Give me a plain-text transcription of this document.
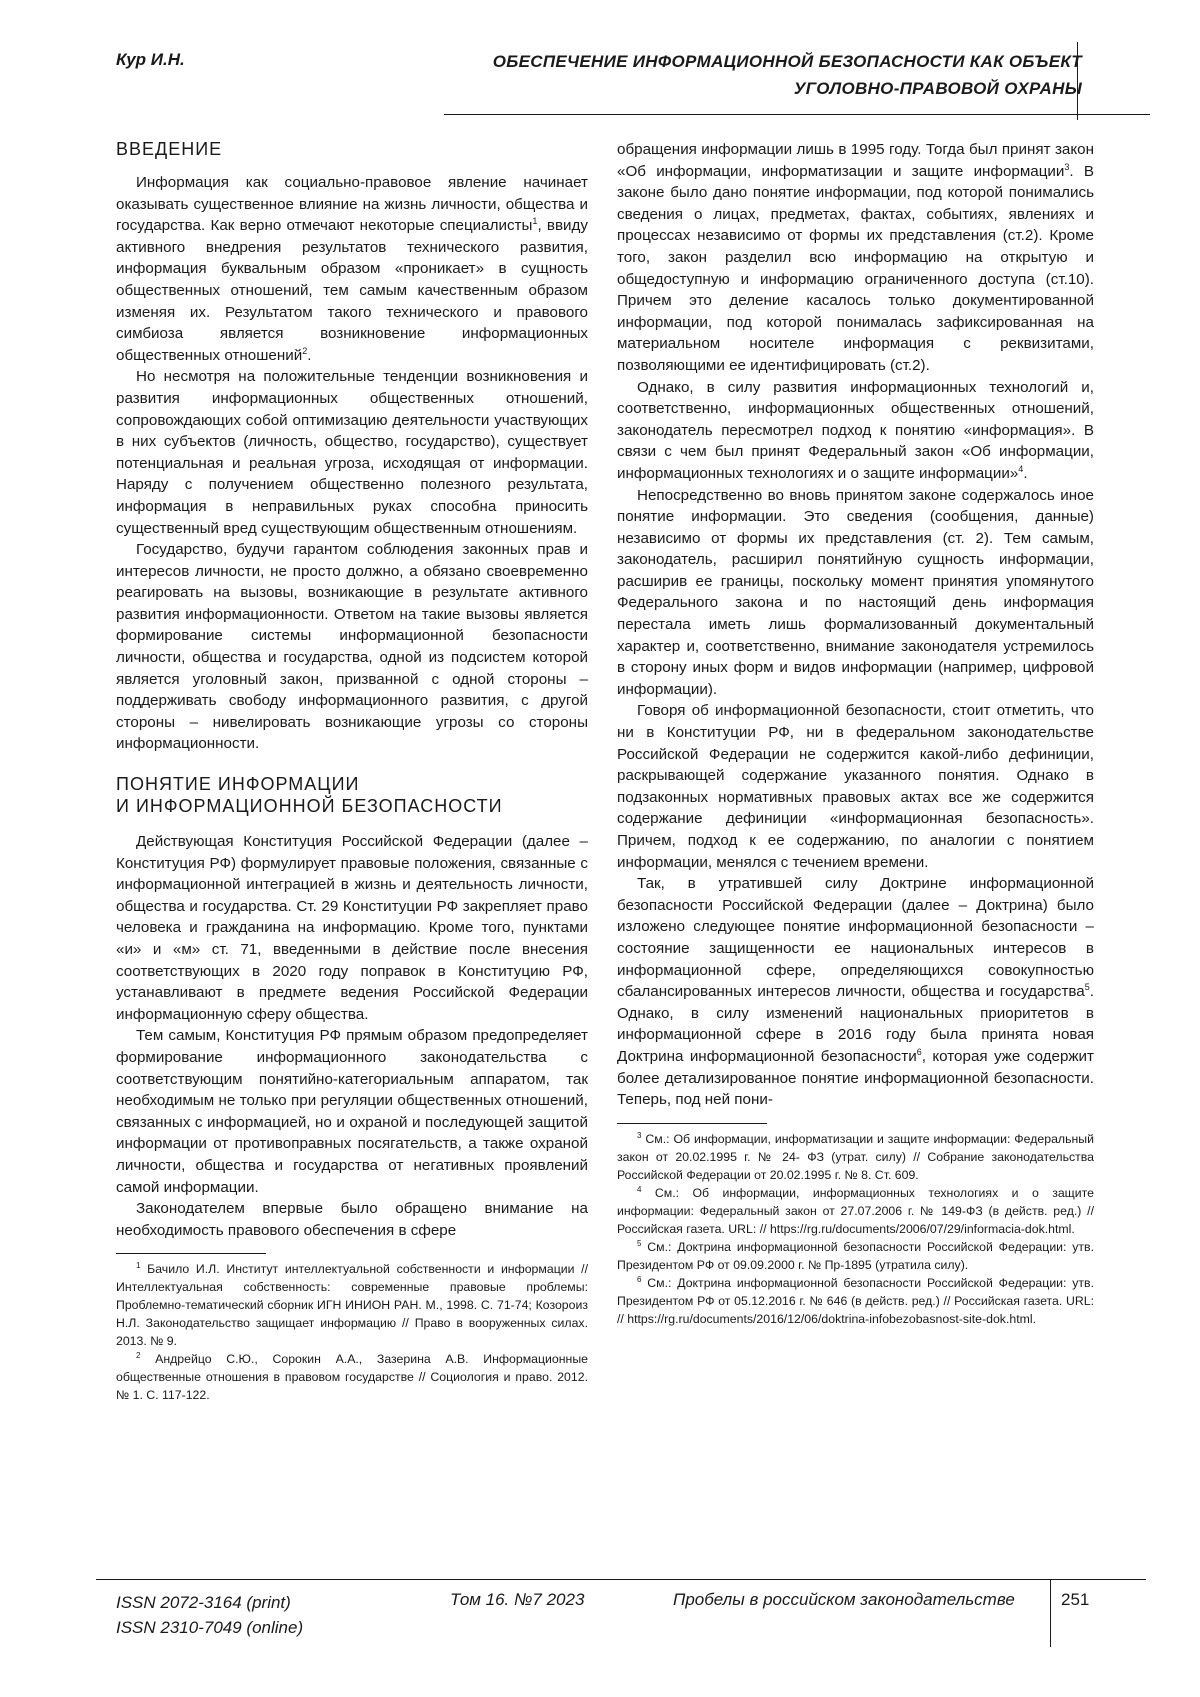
Кур И.Н.	ОБЕСПЕЧЕНИЕ ИНФОРМАЦИОННОЙ БЕЗОПАСНОСТИ КАК ОБЪЕКТ
УГОЛОВНО-ПРАВОВОЙ ОХРАНЫ
ВВЕДЕНИЕ

Информация как социально-правовое явление начинает оказывать существенное влияние на жизнь личности, общества и государства. Как верно отмечают некоторые специалисты1, ввиду активного внедрения результатов технического развития, информация буквальным образом «проникает» в сущность общественных отношений, тем самым качественным образом изменяя их. Результатом такого технического и правового симбиоза является возникновение информационных общественных отношений2.

Но несмотря на положительные тенденции возникновения и развития информационных общественных отношений, сопровождающих собой оптимизацию деятельности участвующих в них субъектов (личность, общество, государство), существует потенциальная и реальная угроза, исходящая от информации. Наряду с получением общественно полезного результата, информация в неправильных руках способна приносить существенный вред существующим общественным отношениям.

Государство, будучи гарантом соблюдения законных прав и интересов личности, не просто должно, а обязано своевременно реагировать на вызовы, возникающие в результате активного развития информационности. Ответом на такие вызовы является формирование системы информационной безопасности личности, общества и государства, одной из подсистем которой является уголовный закон, призванной с одной стороны – поддерживать свободу информационного развития, с другой стороны – нивелировать возникающие угрозы со стороны информационности.

ПОНЯТИЕ ИНФОРМАЦИИ
И ИНФОРМАЦИОННОЙ БЕЗОПАСНОСТИ

Действующая Конституция Российской Федерации (далее – Конституция РФ) формулирует правовые положения, связанные с информационной интеграцией в жизнь и деятельность личности, общества и государства. Ст. 29 Конституции РФ закрепляет право человека и гражданина на информацию. Кроме того, пунктами «и» и «м» ст. 71, введенными в действие после внесения соответствующих в 2020 году поправок в Конституцию РФ, устанавливают в предмете ведения Российской Федерации информационную сферу общества.

Тем самым, Конституция РФ прямым образом предопределяет формирование информационного законодательства с соответствующим понятийно-категориальным аппаратом, так необходимым не только при регуляции общественных отношений, связанных с информацией, но и охраной и последующей защитой информации от противоправных посягательств, а также охраной личности, общества и государства от негативных проявлений самой информации.

Законодателем впервые было обращено внимание на необходимость правового обеспечения в сфере

1 Бачило И.Л. Институт интеллектуальной собственности и информации // Интеллектуальная собственность: современные правовые проблемы: Проблемно-тематический сборник ИГН ИНИОН РАН. М., 1998. С. 71-74; Козороиз Н.Л. Законодательство защищает информацию // Право в вооруженных силах. 2013. № 9.

2 Андрейцо С.Ю., Сорокин А.А., Зазерина А.В. Информационные общественные отношения в правовом государстве // Социология и право. 2012. № 1. С. 117-122.

обращения информации лишь в 1995 году. Тогда был принят закон «Об информации, информатизации и защите информации3. В законе было дано понятие информации, под которой понимались сведения о лицах, предметах, фактах, событиях, явлениях и процессах независимо от формы их представления (ст.2). Кроме того, закон разделил всю информацию на открытую и общедоступную и информацию ограниченного доступа (ст.10). Причем это деление касалось только документированной информации, под которой понималась зафиксированная на материальном носителе информация с реквизитами, позволяющими ее идентифицировать (ст.2).

Однако, в силу развития информационных технологий и, соответственно, информационных общественных отношений, законодатель пересмотрел подход к понятию «информация». В связи с чем был принят Федеральный закон «Об информации, информационных технологиях и о защите информации»4.

Непосредственно во вновь принятом законе содержалось иное понятие информации. Это сведения (сообщения, данные) независимо от формы их представления (ст. 2). Тем самым, законодатель, расширил понятийную сущность информации, расширив ее границы, поскольку момент принятия упомянутого Федерального закона и по настоящий день информация перестала иметь лишь формализованный документальный характер и, соответственно, внимание законодателя устремилось в сторону иных форм и видов информации (например, цифровой информации).

Говоря об информационной безопасности, стоит отметить, что ни в Конституции РФ, ни в федеральном законодательстве Российской Федерации не содержится какой-либо дефиниции, раскрывающей содержание указанного понятия. Однако в подзаконных нормативных правовых актах все же содержится содержание дефиниции «информационная безопасность». Причем, подход к ее содержанию, по аналогии с понятием информации, менялся с течением времени.

Так, в утратившей силу Доктрине информационной безопасности Российской Федерации (далее – Доктрина) было изложено следующее понятие информационной безопасности – состояние защищенности ее национальных интересов в информационной сфере, определяющихся совокупностью сбалансированных интересов личности, общества и государства5. Однако, в силу изменений национальных приоритетов в информационной сфере в 2016 году была принята новая Доктрина информационной безопасности6, которая уже содержит более детализированное понятие информационной безопасности. Теперь, под ней пони-

3 См.: Об информации, информатизации и защите информации: Федеральный закон от 20.02.1995 г. № 24- ФЗ (утрат. силу) // Собрание законодательства Российской Федерации от 20.02.1995 г. № 8. Ст. 609.

4 См.: Об информации, информационных технологиях и о защите информации: Федеральный закон от 27.07.2006 г. № 149-ФЗ (в действ. ред.) // Российская газета. URL: // https://rg.ru/documents/2006/07/29/informacia-dok.html.

5 См.: Доктрина информационной безопасности Российской Федерации: утв. Президентом РФ от 09.09.2000 г. № Пр-1895 (утратила силу).

6 См.: Доктрина информационной безопасности Российской Федерации: утв. Президентом РФ от 05.12.2016 г. № 646 (в действ. ред.) // Российская газета. URL: // https://rg.ru/documents/2016/12/06/doktrina-infobezobasnost-site-dok.html.

ISSN 2072-3164 (print)
ISSN 2310-7049 (online)
Том 16. №7 2023	Пробелы в российском законодательстве	251
